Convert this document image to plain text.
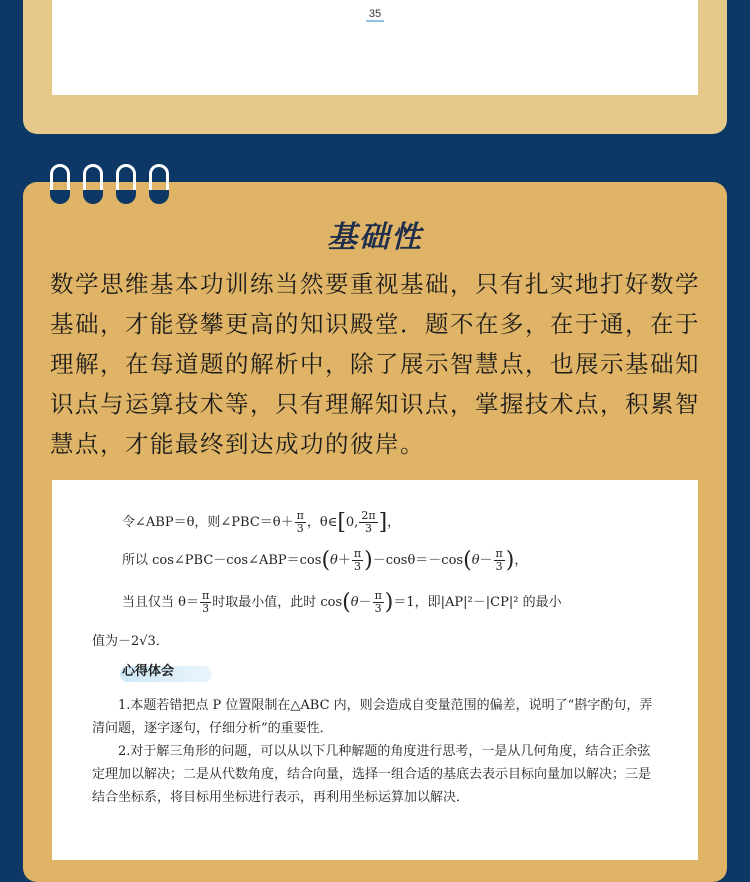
35
基础性
数学思维基本功训练当然要重视基础，只有扎实地打好数学基础，才能登攀更高的知识殿堂．题不在多，在于通，在于理解，在每道题的解析中，除了展示智慧点，也展示基础知识点与运算技术等，只有理解知识点，掌握技术点，积累智慧点，才能最终到达成功的彼岸。
令∠ABP＝θ，则∠PBC＝θ＋ $\frac{\pi}{3}$ ，θ∈[0, $\frac{2\pi}{3}$ ]，
所以 cos∠PBC－cos∠ABP＝cos(θ＋ $\frac{\pi}{3} )-\cos\theta=-\cos(\theta- \frac{\pi}{3}$ )，
当且仅当 $\theta= \frac{\pi}{3}$ 时取最小值，此时 $\cos(\theta- \frac{\pi}{3} )=1$，即|AP|²－|CP|² 的最小
值为－2√3．
心得体会
1.本题若错把点 P 位置限制在△ABC 内，则会造成自变量范围的偏差，说明了“斟字酌句，弄清问题，逐字逐句，仔细分析”的重要性．
2.对于解三角形的问题，可以从以下几种解题的角度进行思考，一是从几何角度，结合正余弦定理加以解决；二是从代数角度，结合向量，选择一组合适的基底去表示目标向量加以解决；三是结合坐标系，将目标用坐标进行表示，再利用坐标运算加以解决．
